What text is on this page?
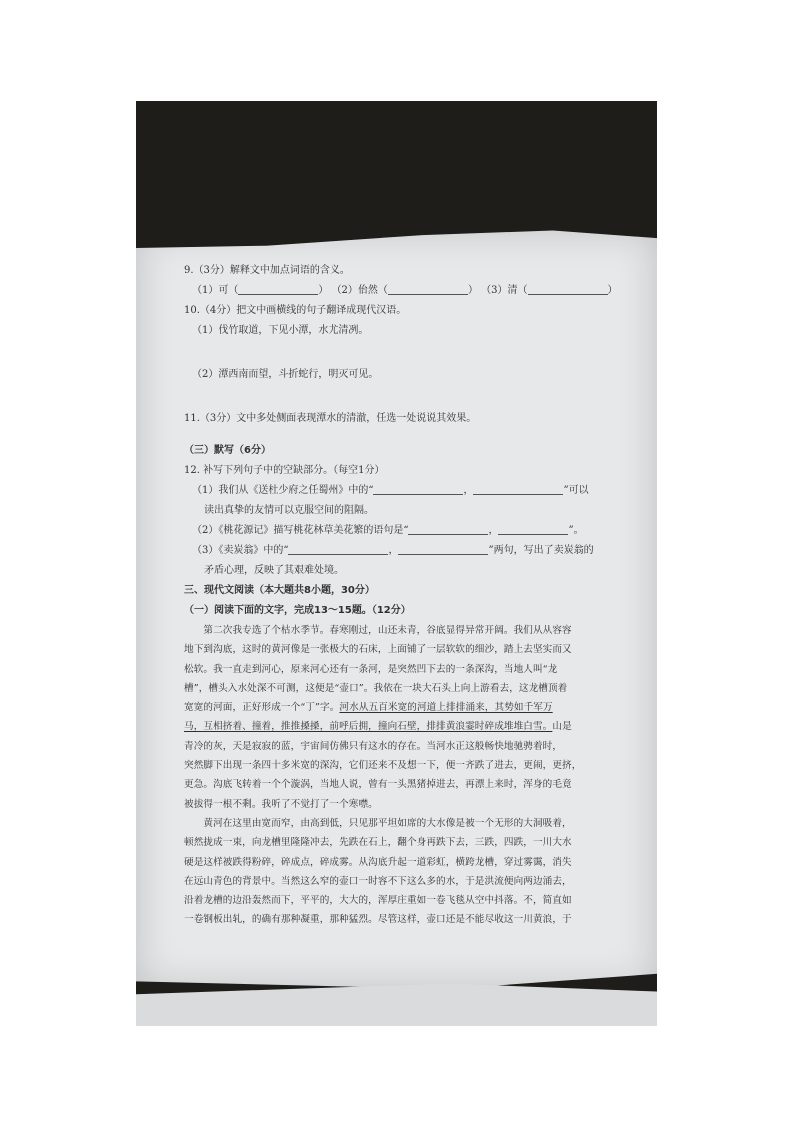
9.（3分）解释文中加点词语的含义。
（1）可（	） （2）佁然（	） （3）清（	）
10.（4分）把文中画横线的句子翻译成现代汉语。
（1）伐竹取道，下见小潭，水尤清冽。
（2）潭西南而望，斗折蛇行，明灭可见。
11.（3分）文中多处侧面表现潭水的清澈，任选一处说说其效果。
（三）默写（6分）
12. 补写下列句子中的空缺部分。（每空1分）
（1）我们从《送杜少府之任蜀州》中的“	，	”可以
读出真挚的友情可以克服空间的阻隔。
（2）《桃花源记》描写桃花林草美花繁的语句是“	，	”。
（3）《卖炭翁》中的“	，	”两句，写出了卖炭翁的
矛盾心理，反映了其艰难处境。
三、现代文阅读（本大题共8小题，30分）
（一）阅读下面的文字，完成13～15题。（12分）
　　第二次我专选了个枯水季节。春寒刚过，山还未青，谷底显得异常开阔。我们从从容容
地下到沟底，这时的黄河像是一张极大的石床，上面铺了一层软软的细沙，踏上去坚实而又
松软。我一直走到河心，原来河心还有一条河，是突然凹下去的一条深沟，当地人叫“龙
槽”，槽头入水处深不可测，这便是“壶口”。我依在一块大石头上向上游看去，这龙槽顶着
宽宽的河面，正好形成一个“丁”字。河水从五百米宽的河道上排排涌来，其势如千军万
马，互相挤着、撞着，推推搡搡，前呼后拥，撞向石壁，排排黄浪霎时碎成堆堆白雪。山是
青冷的灰，天是寂寂的蓝，宇宙间仿佛只有这水的存在。当河水正这般畅快地驰骋着时，
突然脚下出现一条四十多米宽的深沟，它们还来不及想一下，便一齐跌了进去，更闹，更挤，
更急。沟底飞转着一个个漩涡，当地人说，曾有一头黑猪掉进去，再漂上来时，浑身的毛竟
被拔得一根不剩。我听了不觉打了一个寒噤。
　　黄河在这里由宽而窄，由高到低，只见那平坦如席的大水像是被一个无形的大洞吸着，
顿然拢成一束，向龙槽里隆隆冲去，先跌在石上，翻个身再跌下去，三跌，四跌，一川大水
硬是这样被跌得粉碎，碎成点，碎成雾。从沟底升起一道彩虹，横跨龙槽，穿过雾霭，消失
在远山青色的背景中。当然这么窄的壶口一时容不下这么多的水，于是洪流便向两边涌去，
沿着龙槽的边沿轰然而下，平平的，大大的，浑厚庄重如一卷飞毯从空中抖落。不，简直如
一卷钢板出轧，的确有那种凝重，那种猛烈。尽管这样，壶口还是不能尽收这一川黄浪，于
